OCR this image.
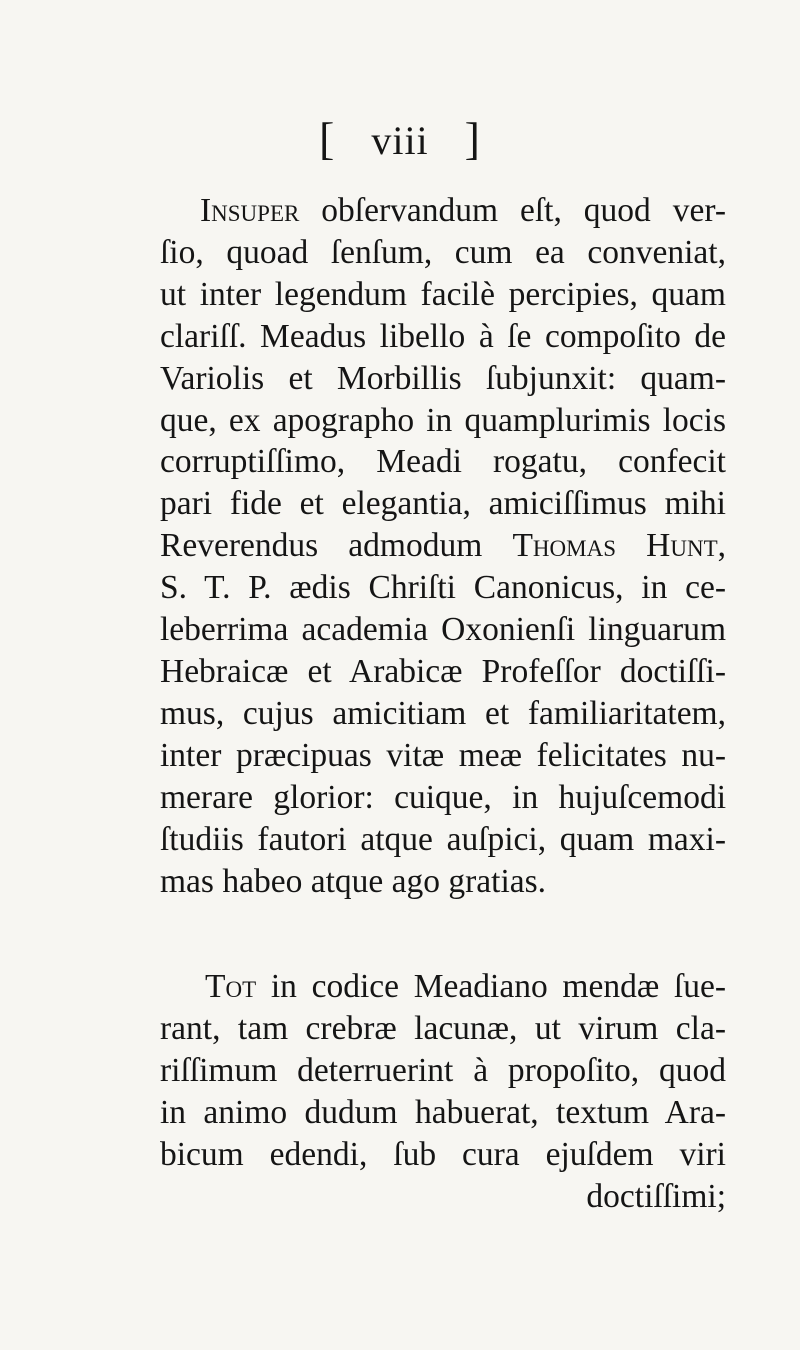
[ viii ]
Insuper obſervandum eſt, quod ver-
ſio, quoad ſenſum, cum ea conveniat,
ut inter legendum facilè percipies, quam
clariſſ. Meadus libello à ſe compoſito de
Variolis et Morbillis ſubjunxit: quam-
que, ex apographo in quamplurimis locis
corruptiſſimo, Meadi rogatu, confecit
pari fide et elegantia, amiciſſimus mihi
Reverendus admodum Thomas Hunt,
S. T. P. ædis Chriſti Canonicus, in ce-
leberrima academia Oxonienſi linguarum
Hebraicæ et Arabicæ Profeſſor doctiſſi-
mus, cujus amicitiam et familiaritatem,
inter præcipuas vitæ meæ felicitates nu-
merare glorior: cuique, in hujuſcemodi
ſtudiis fautori atque auſpici, quam maxi-
mas habeo atque ago gratias.
Tot in codice Meadiano mendæ ſue-
rant, tam crebræ lacunæ, ut virum cla-
riſſimum deterruerint à propoſito, quod
in animo dudum habuerat, textum Ara-
bicum edendi, ſub cura ejuſdem viri
doctiſſimi;
